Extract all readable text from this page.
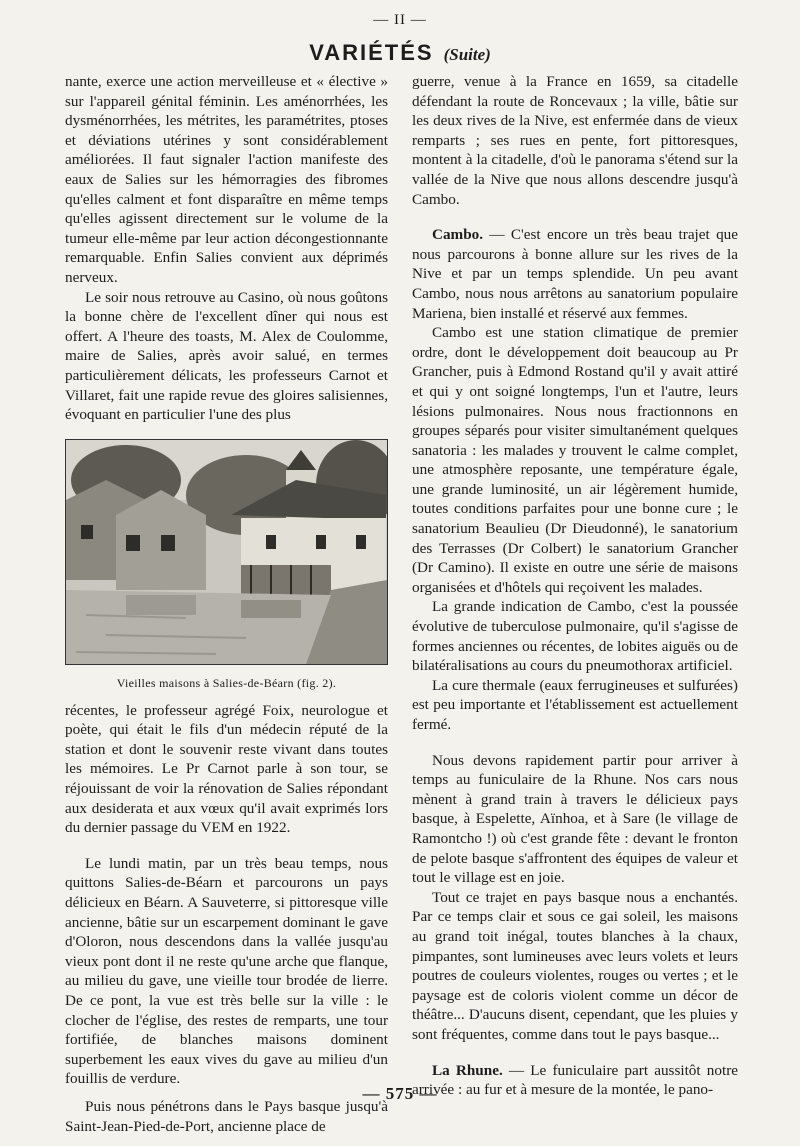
— II —
VARIÉTÉS (Suite)

nante, exerce une action merveilleuse et « élective » sur l'appareil génital féminin. Les aménorrhées, les dysménorrhées, les métrites, les paramétrites, ptoses et déviations utérines y sont considérablement améliorées. Il faut signaler l'action manifeste des eaux de Salies sur les hémorragies des fibromes qu'elles calment et font disparaître en même temps qu'elles agissent directement sur le volume de la tumeur elle-même par leur action décongestionnante remarquable. Enfin Salies convient aux déprimés nerveux.

Le soir nous retrouve au Casino, où nous goûtons la bonne chère de l'excellent dîner qui nous est offert. A l'heure des toasts, M. Alex de Coulomme, maire de Salies, après avoir salué, en termes particulièrement délicats, les professeurs Carnot et Villaret, fait une rapide revue des gloires salisiennes, évoquant en particulier l'une des plus

Vieilles maisons à Salies-de-Béarn (fig. 2).

récentes, le professeur agrégé Foix, neurologue et poète, qui était le fils d'un médecin réputé de la station et dont le souvenir reste vivant dans toutes les mémoires. Le Pr Carnot parle à son tour, se réjouissant de voir la rénovation de Salies répondant aux desiderata et aux vœux qu'il avait exprimés lors du dernier passage du VEM en 1922.

Le lundi matin, par un très beau temps, nous quittons Salies-de-Béarn et parcourons un pays délicieux en Béarn. A Sauveterre, si pittoresque ville ancienne, bâtie sur un escarpement dominant le gave d'Oloron, nous descendons dans la vallée jusqu'au vieux pont dont il ne reste qu'une arche que flanque, au milieu du gave, une vieille tour brodée de lierre. De ce pont, la vue est très belle sur la ville : le clocher de l'église, des restes de remparts, une tour fortifiée, de blanches maisons dominent superbement les eaux vives du gave au milieu d'un fouillis de verdure.

Puis nous pénétrons dans le Pays basque jusqu'à Saint-Jean-Pied-de-Port, ancienne place de

guerre, venue à la France en 1659, sa citadelle défendant la route de Roncevaux ; la ville, bâtie sur les deux rives de la Nive, est enfermée dans de vieux remparts ; ses rues en pente, fort pittoresques, montent à la citadelle, d'où le panorama s'étend sur la vallée de la Nive que nous allons descendre jusqu'à Cambo.

Cambo. — C'est encore un très beau trajet que nous parcourons à bonne allure sur les rives de la Nive et par un temps splendide. Un peu avant Cambo, nous nous arrêtons au sanatorium populaire Mariena, bien installé et réservé aux femmes.

Cambo est une station climatique de premier ordre, dont le développement doit beaucoup au Pr Grancher, puis à Edmond Rostand qu'il y avait attiré et qui y ont soigné longtemps, l'un et l'autre, leurs lésions pulmonaires. Nous nous fractionnons en groupes séparés pour visiter simultanément quelques sanatoria : les malades y trouvent le calme complet, une atmosphère reposante, une température égale, une grande luminosité, un air légèrement humide, toutes conditions parfaites pour une bonne cure ; le sanatorium Beaulieu (Dr Dieudonné), le sanatorium des Terrasses (Dr Colbert) le sanatorium Grancher (Dr Camino). Il existe en outre une série de maisons organisées et d'hôtels qui reçoivent les malades.

La grande indication de Cambo, c'est la poussée évolutive de tuberculose pulmonaire, qu'il s'agisse de formes anciennes ou récentes, de lobites aiguës ou de bilatéralisations au cours du pneumothorax artificiel.

La cure thermale (eaux ferrugineuses et sulfurées) est peu importante et l'établissement est actuellement fermé.

Nous devons rapidement partir pour arriver à temps au funiculaire de la Rhune. Nos cars nous mènent à grand train à travers le délicieux pays basque, à Espelette, Aïnhoa, et à Sare (le village de Ramontcho !) où c'est grande fête : devant le fronton de pelote basque s'affrontent des équipes de valeur et tout le village est en joie.

Tout ce trajet en pays basque nous a enchantés. Par ce temps clair et sous ce gai soleil, les maisons au grand toit inégal, toutes blanches à la chaux, pimpantes, sont lumineuses avec leurs volets et leurs poutres de couleurs violentes, rouges ou vertes ; et le paysage est de coloris violent comme un décor de théâtre... D'aucuns disent, cependant, que les pluies y sont fréquentes, comme dans tout le pays basque...

La Rhune. — Le funiculaire part aussitôt notre arrivée : au fur et à mesure de la montée, le pano-

— 575 —
